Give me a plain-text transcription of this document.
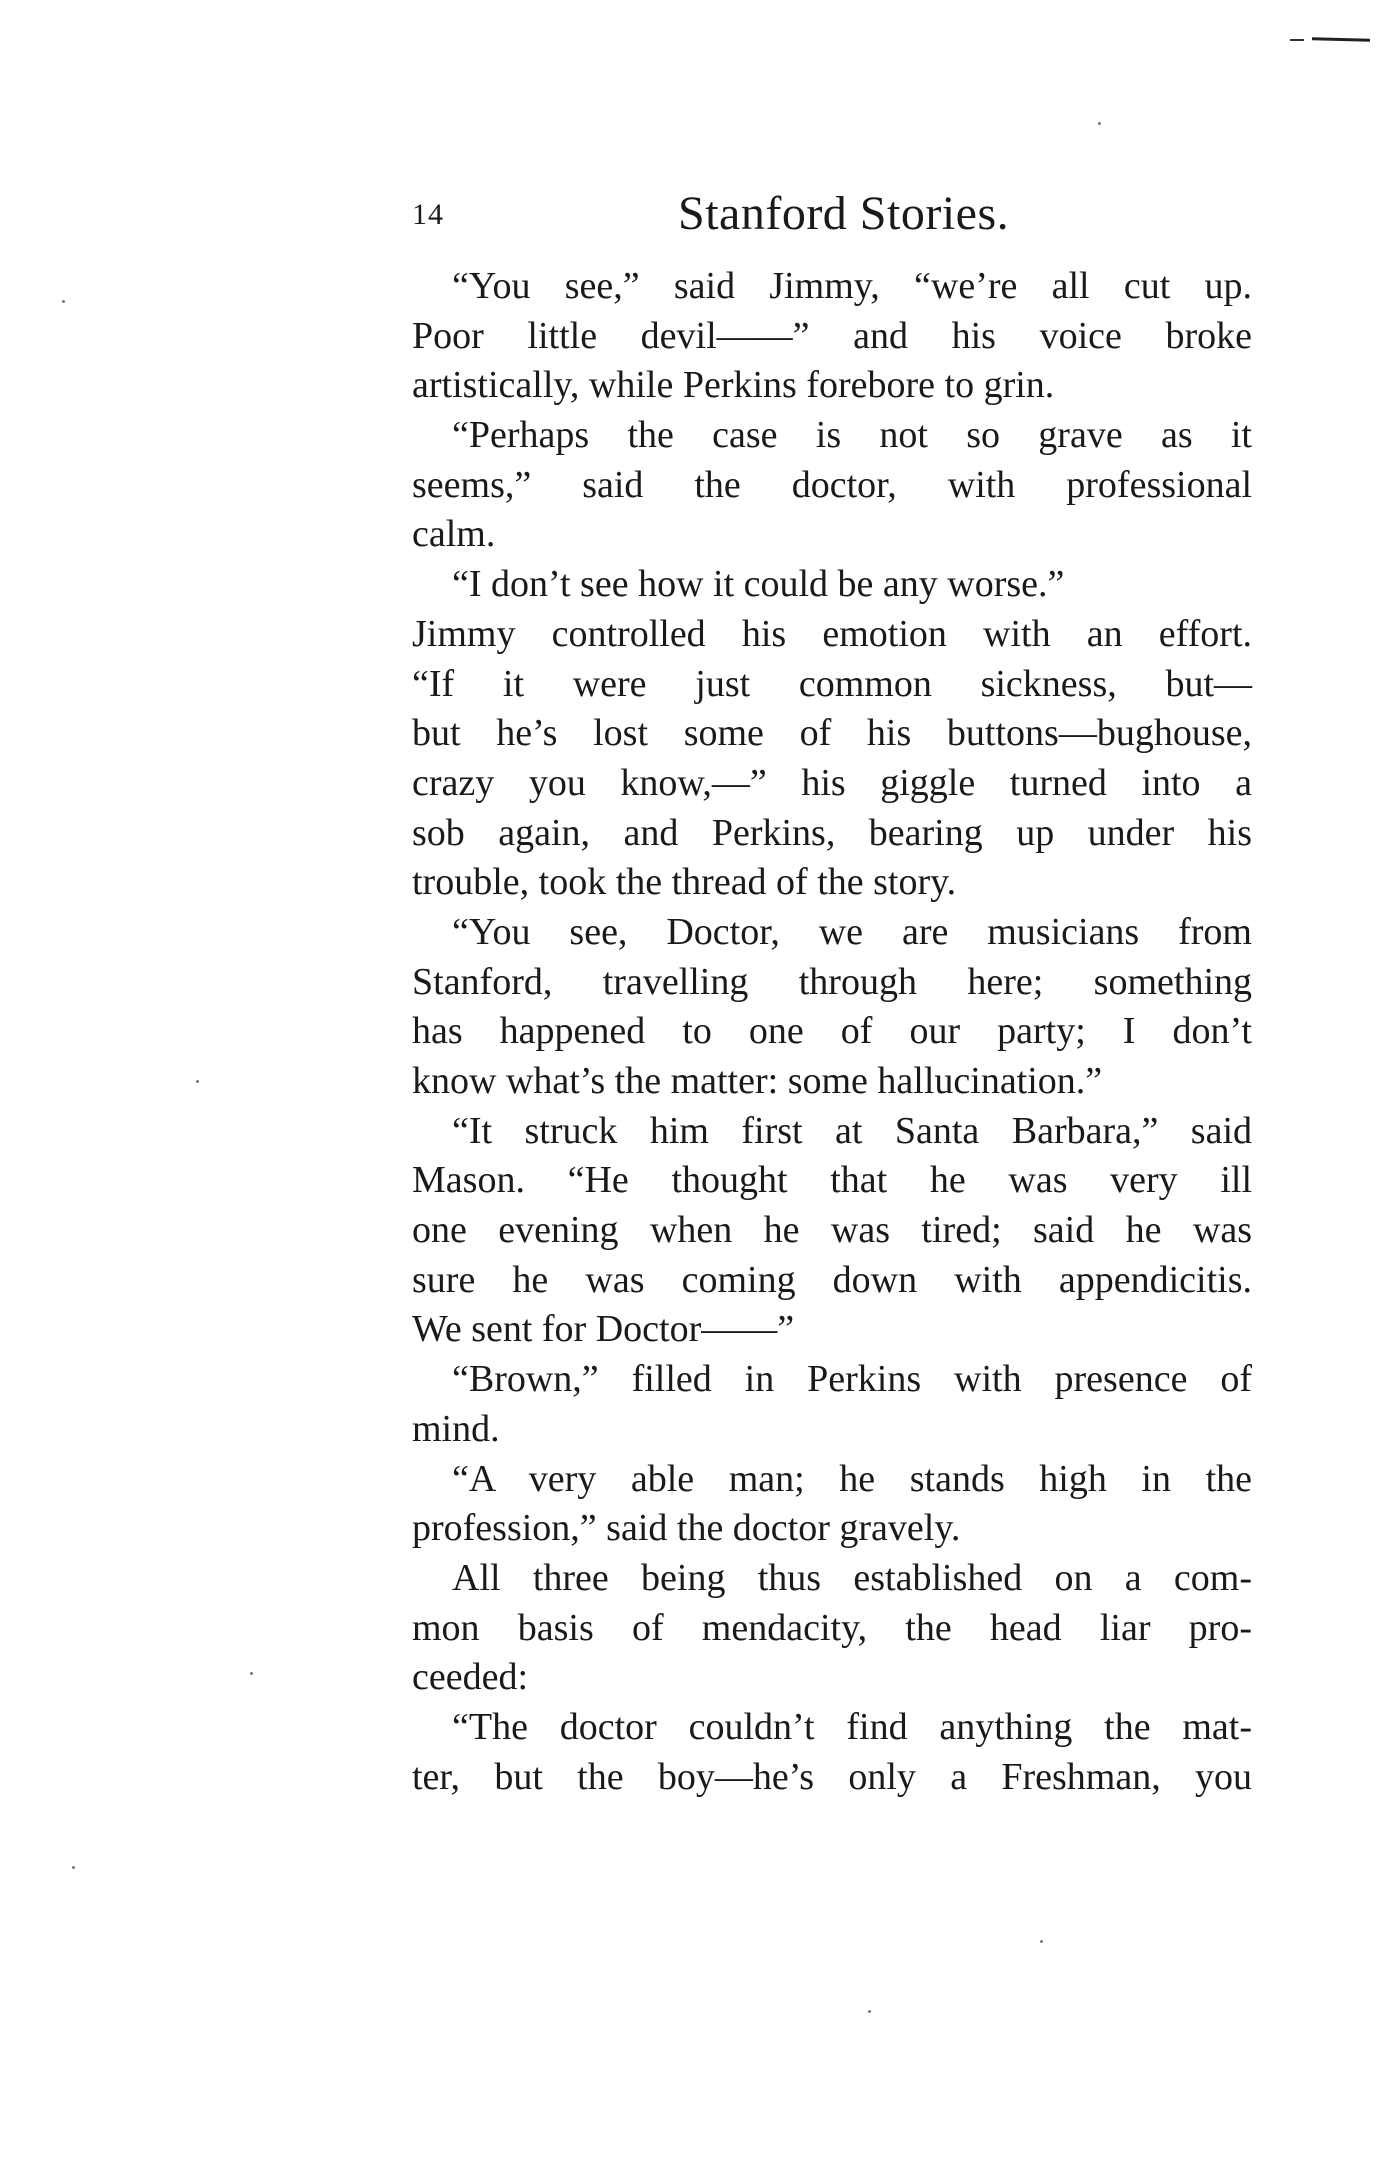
14	Stanford Stories.
“You see,” said Jimmy, “we’re all cut up.
Poor little devil——” and his voice broke
artistically, while Perkins forebore to grin.
“Perhaps the case is not so grave as it
seems,” said the doctor, with professional
calm.
“I don’t see how it could be any worse.”
Jimmy controlled his emotion with an effort.
“If it were just common sickness, but—
but he’s lost some of his buttons—bughouse,
crazy you know,—” his giggle turned into a
sob again, and Perkins, bearing up under his
trouble, took the thread of the story.
“You see, Doctor, we are musicians from
Stanford, travelling through here; something
has happened to one of our party; I don’t
know what’s the matter: some hallucination.”
“It struck him first at Santa Barbara,” said
Mason. “He thought that he was very ill
one evening when he was tired; said he was
sure he was coming down with appendicitis.
We sent for Doctor——”
“Brown,” filled in Perkins with presence of
mind.
“A very able man; he stands high in the
profession,” said the doctor gravely.
All three being thus established on a com-
mon basis of mendacity, the head liar pro-
ceeded:
“The doctor couldn’t find anything the mat-
ter, but the boy—he’s only a Freshman, you
